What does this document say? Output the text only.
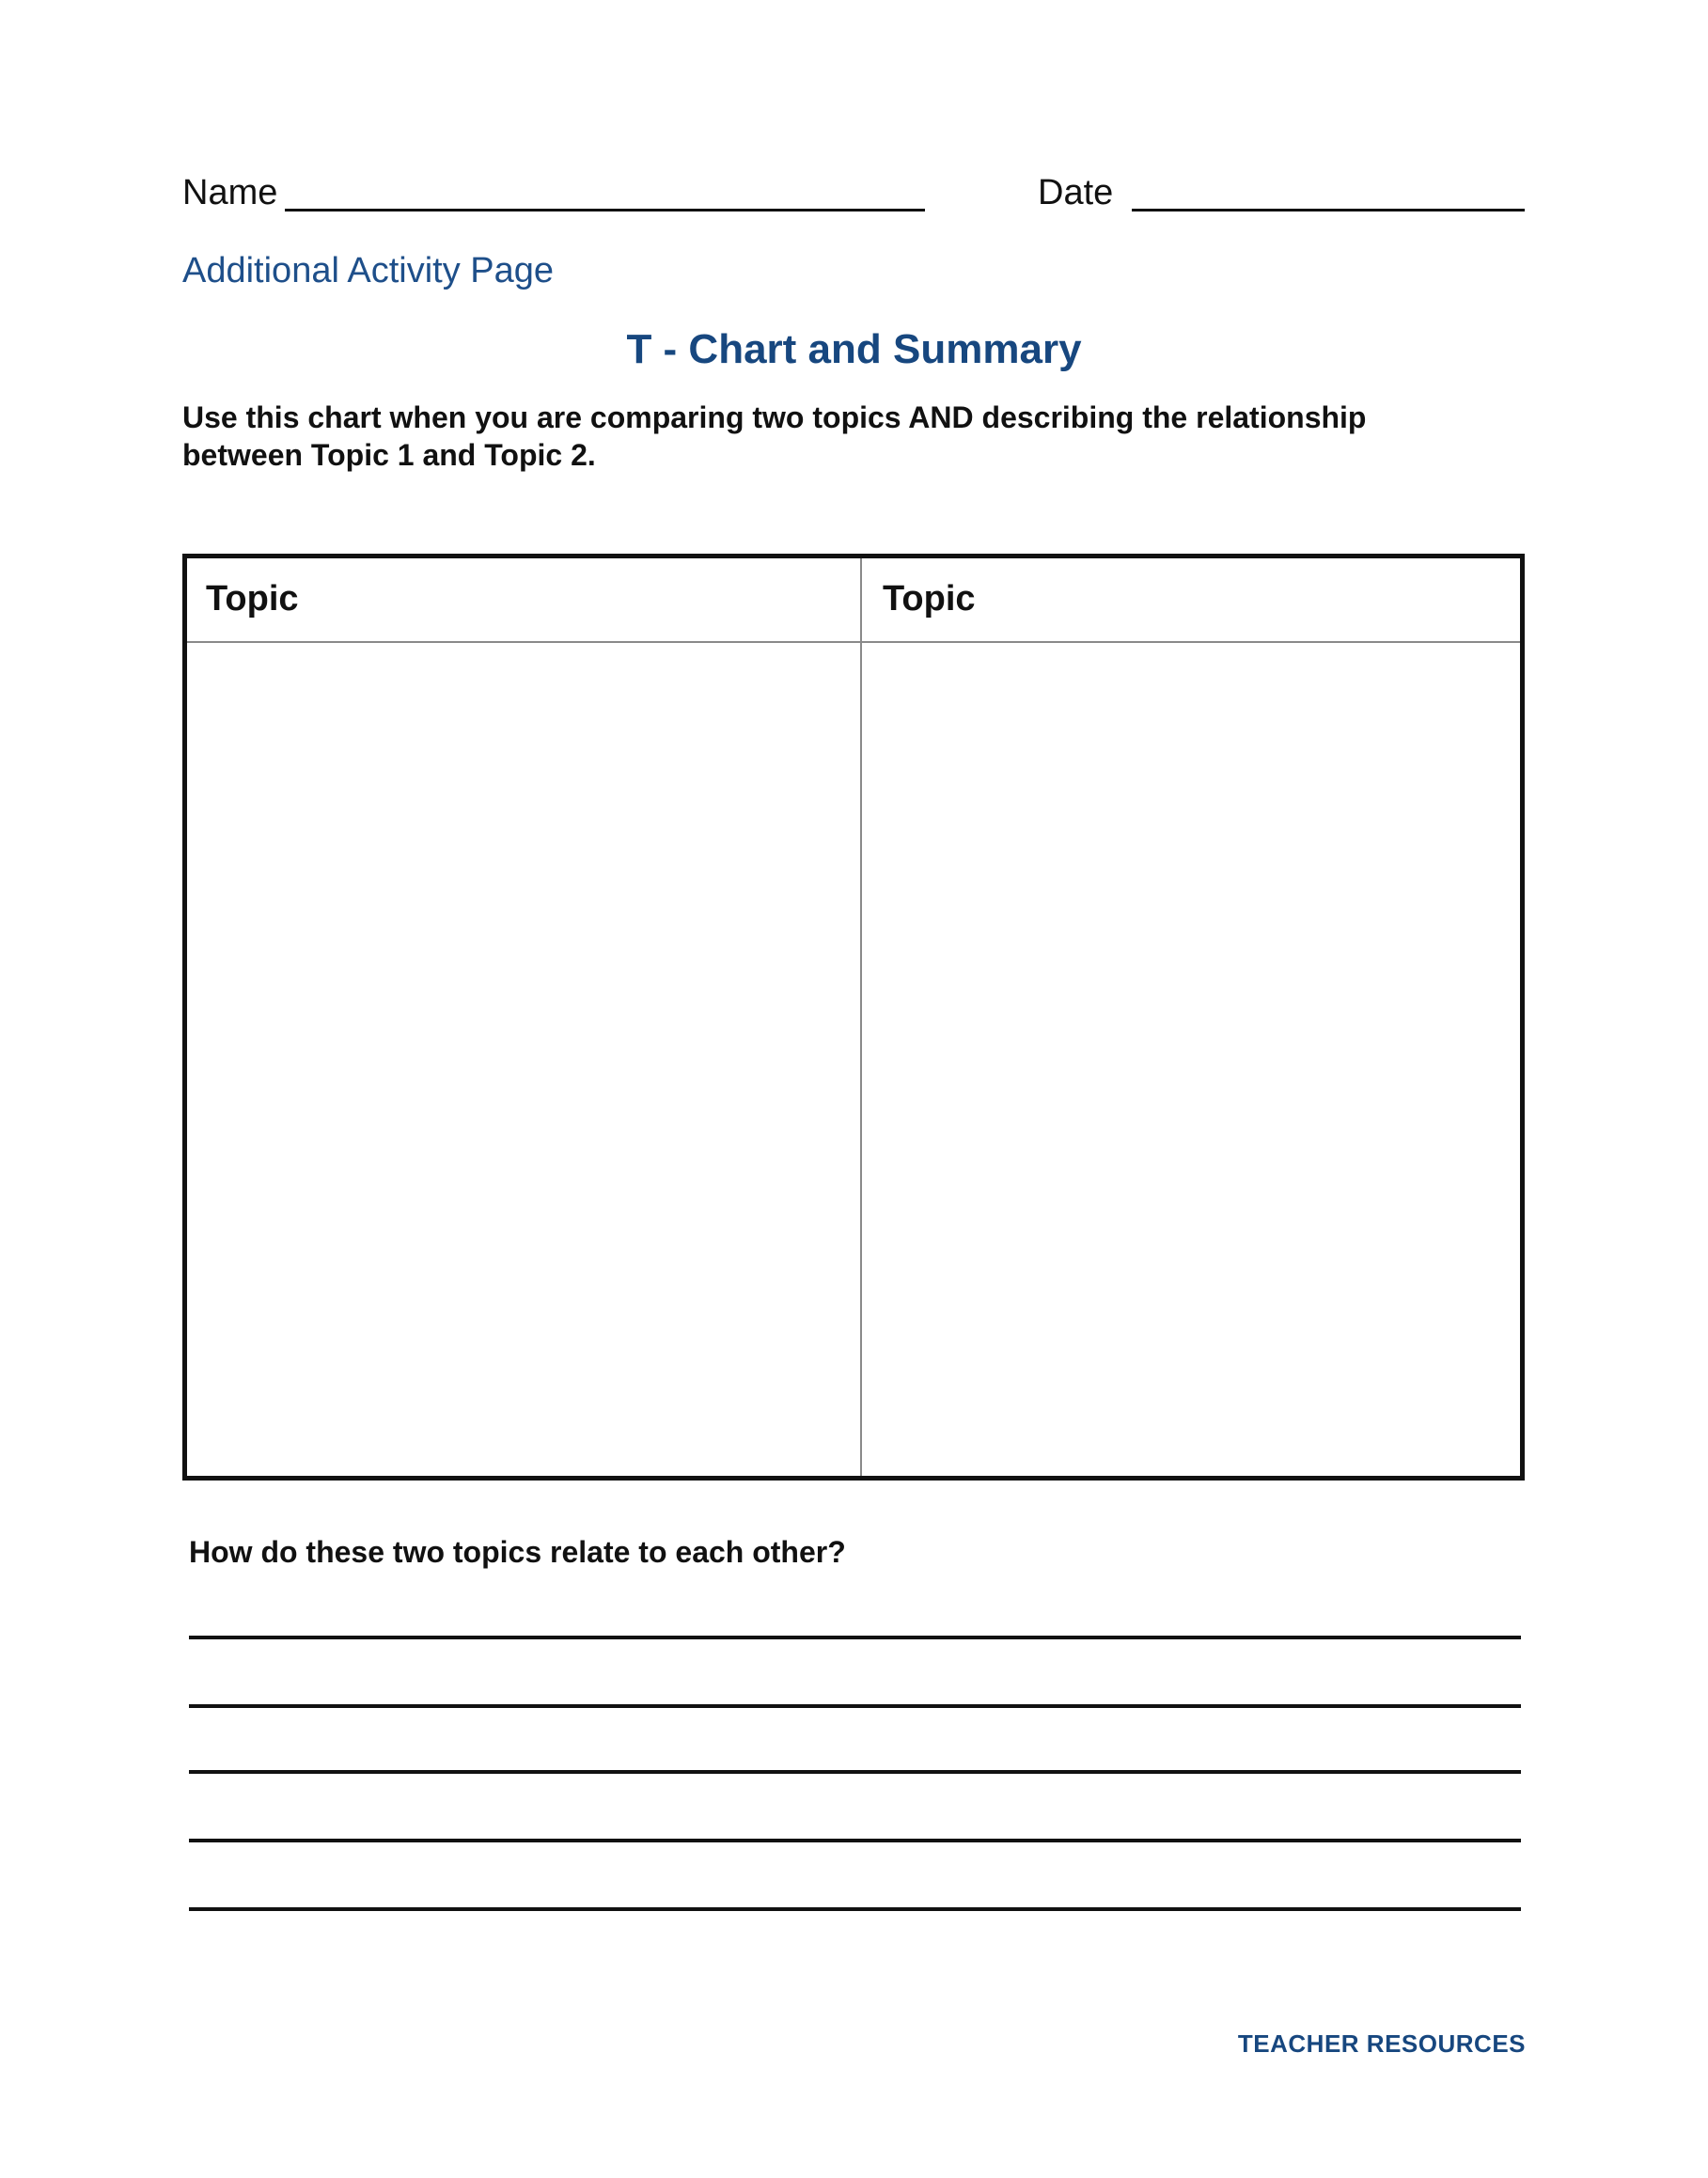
Name	Date
Additional Activity Page
T - Chart and Summary
Use this chart when you are comparing two topics AND describing the relationship between Topic 1 and Topic 2.
Topic	Topic
How do these two topics relate to each other?
TEACHER RESOURCES
